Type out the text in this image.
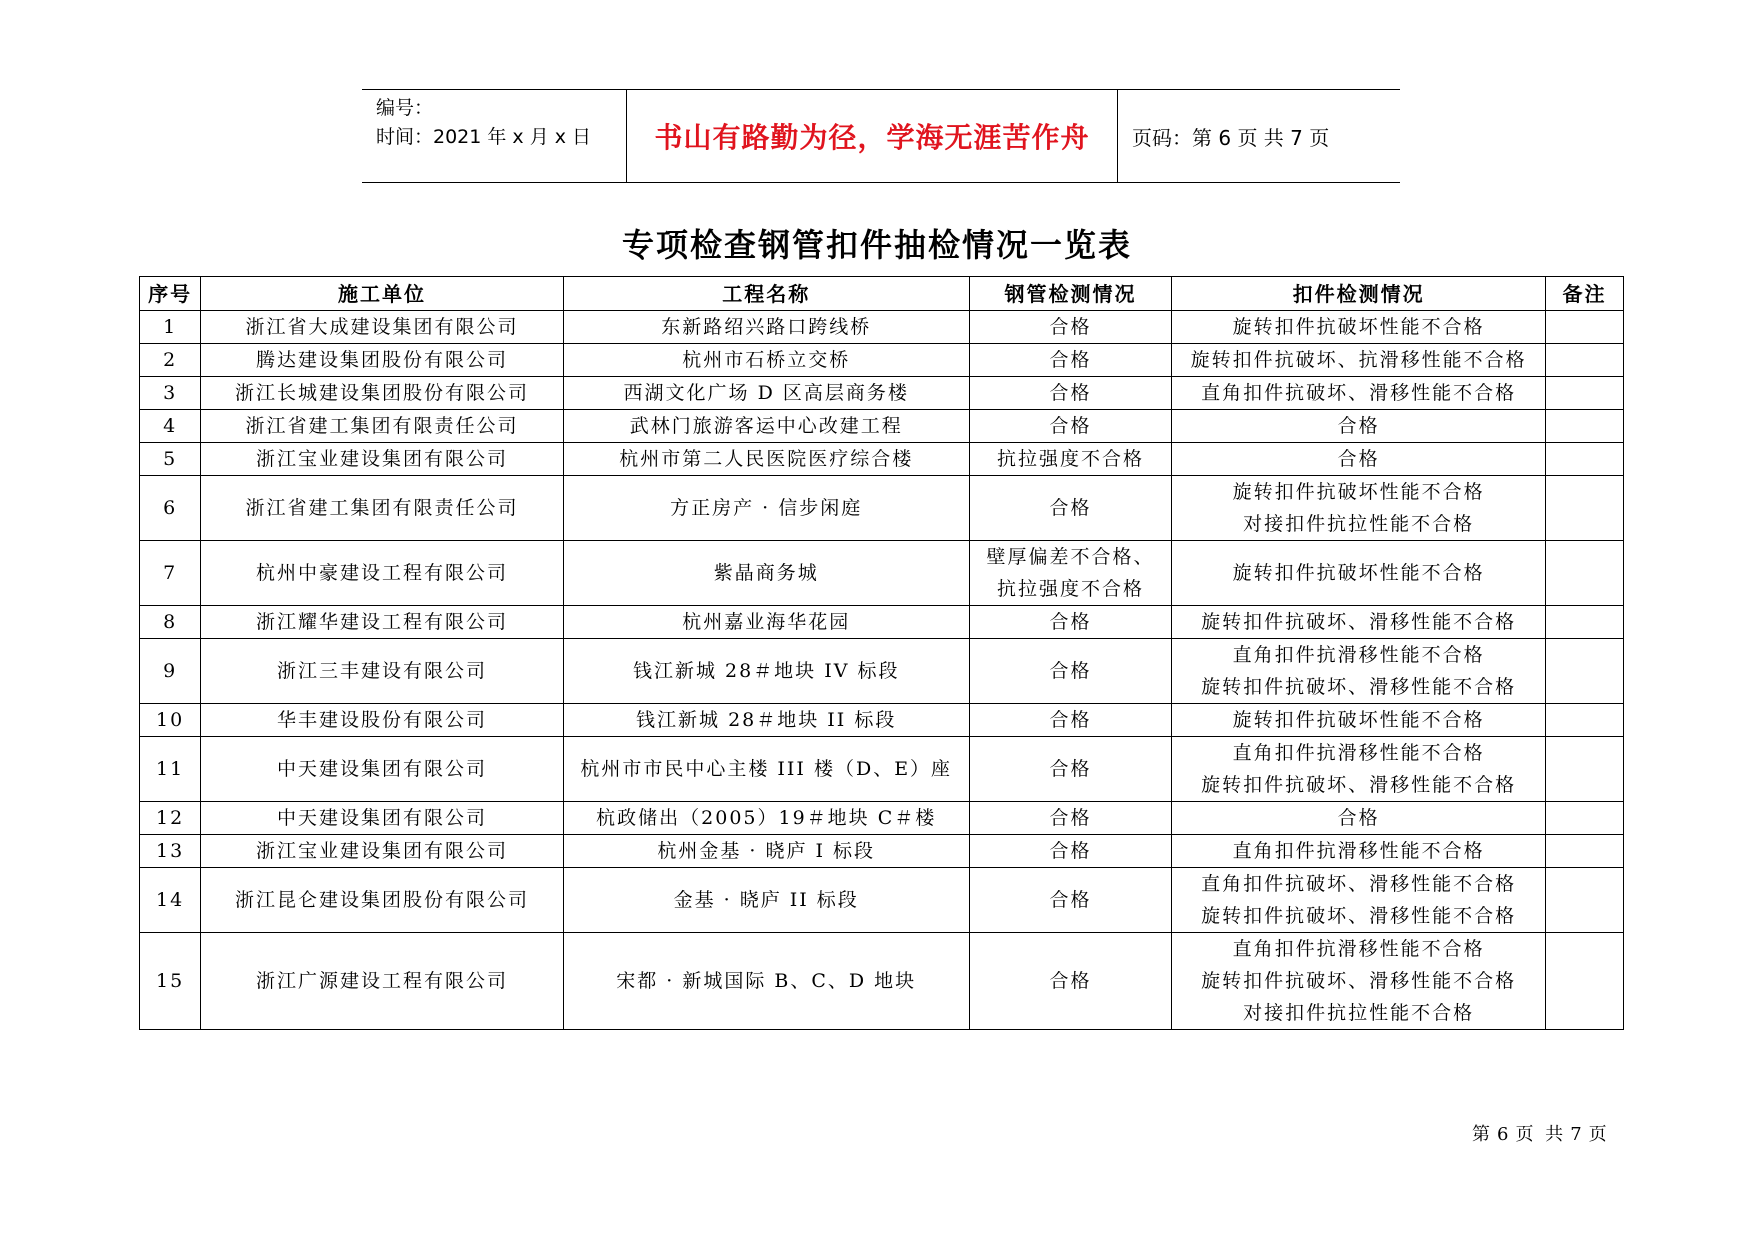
编号：
时间：2021 年 x 月 x 日	书山有路勤为径，学海无涯苦作舟	页码：第 6 页 共 7 页
专项检查钢管扣件抽检情况一览表
序号	施工单位	工程名称	钢管检测情况	扣件检测情况	备注
1	浙江省大成建设集团有限公司	东新路绍兴路口跨线桥	合格	旋转扣件抗破坏性能不合格	

2	腾达建设集团股份有限公司	杭州市石桥立交桥	合格	旋转扣件抗破坏、抗滑移性能不合格	

3	浙江长城建设集团股份有限公司	西湖文化广场 D 区高层商务楼	合格	直角扣件抗破坏、滑移性能不合格	

4	浙江省建工集团有限责任公司	武林门旅游客运中心改建工程	合格	合格	

5	浙江宝业建设集团有限公司	杭州市第二人民医院医疗综合楼	抗拉强度不合格	合格	

6	浙江省建工集团有限责任公司	方正房产 · 信步闲庭	合格	旋转扣件抗破坏性能不合格
对接扣件抗拉性能不合格	

7	杭州中豪建设工程有限公司	紫晶商务城	壁厚偏差不合格、
抗拉强度不合格	旋转扣件抗破坏性能不合格	

8	浙江耀华建设工程有限公司	杭州嘉业海华花园	合格	旋转扣件抗破坏、滑移性能不合格	

9	浙江三丰建设有限公司	钱江新城 28＃地块 IV 标段	合格	直角扣件抗滑移性能不合格
旋转扣件抗破坏、滑移性能不合格	

10	华丰建设股份有限公司	钱江新城 28＃地块 II 标段	合格	旋转扣件抗破坏性能不合格	

11	中天建设集团有限公司	杭州市市民中心主楼 III 楼（D、E）座	合格	直角扣件抗滑移性能不合格
旋转扣件抗破坏、滑移性能不合格	

12	中天建设集团有限公司	杭政储出（2005）19＃地块 C＃楼	合格	合格	

13	浙江宝业建设集团有限公司	杭州金基 · 晓庐 I 标段	合格	直角扣件抗滑移性能不合格	

14	浙江昆仑建设集团股份有限公司	金基 · 晓庐 II 标段	合格	直角扣件抗破坏、滑移性能不合格
旋转扣件抗破坏、滑移性能不合格	

15	浙江广源建设工程有限公司	宋都 · 新城国际 B、C、D 地块	合格	直角扣件抗滑移性能不合格
旋转扣件抗破坏、滑移性能不合格
对接扣件抗拉性能不合格	

第 6 页 共 7 页
